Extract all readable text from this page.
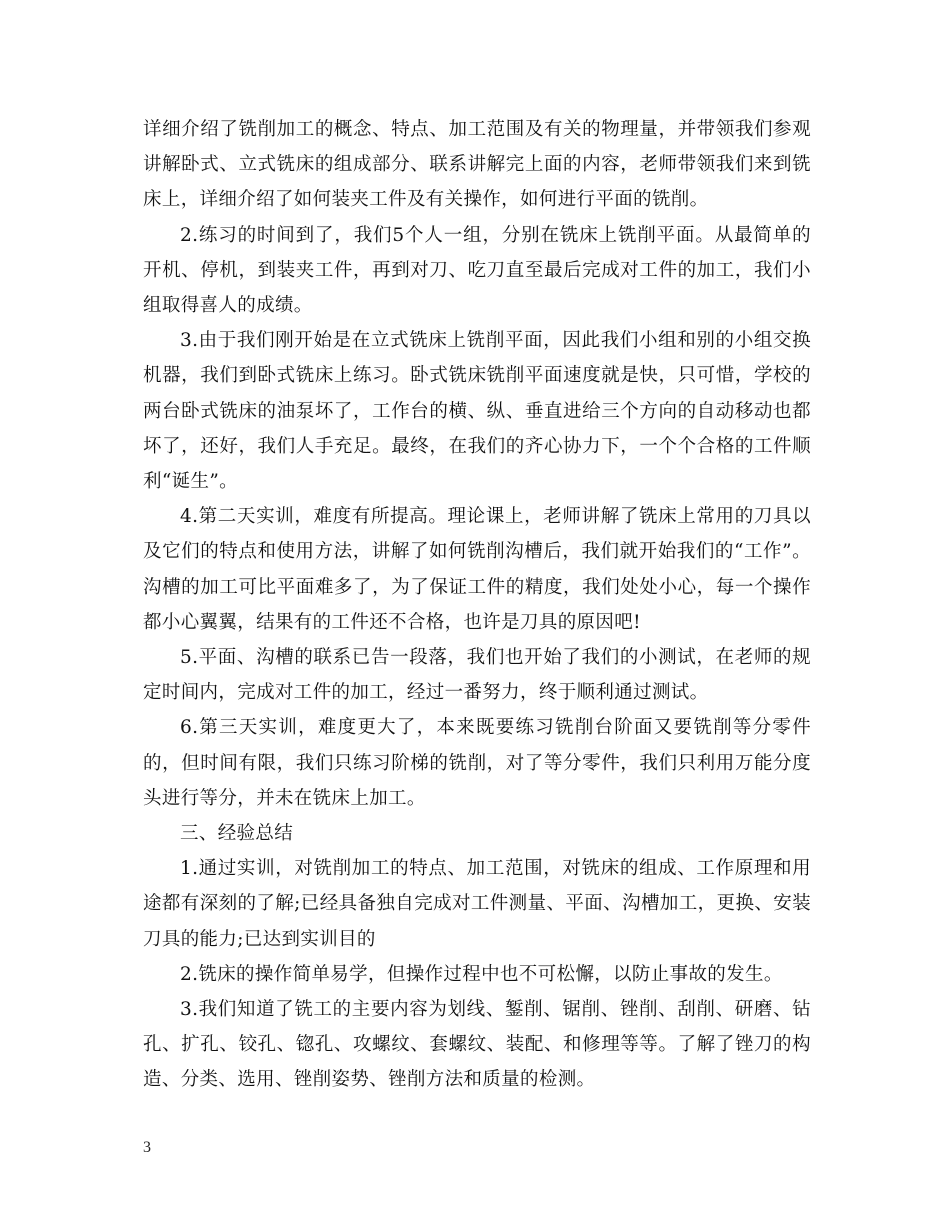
详细介绍了铣削加工的概念、特点、加工范围及有关的物理量，并带领我们参观讲解卧式、立式铣床的组成部分、联系讲解完上面的内容，老师带领我们来到铣床上，详细介绍了如何装夹工件及有关操作，如何进行平面的铣削。

2.练习的时间到了，我们5个人一组，分别在铣床上铣削平面。从最简单的开机、停机，到装夹工件，再到对刀、吃刀直至最后完成对工件的加工，我们小组取得喜人的成绩。

3.由于我们刚开始是在立式铣床上铣削平面，因此我们小组和别的小组交换机器，我们到卧式铣床上练习。卧式铣床铣削平面速度就是快，只可惜，学校的两台卧式铣床的油泵坏了，工作台的横、纵、垂直进给三个方向的自动移动也都坏了，还好，我们人手充足。最终，在我们的齐心协力下，一个个合格的工件顺利“诞生”。

4.第二天实训，难度有所提高。理论课上，老师讲解了铣床上常用的刀具以及它们的特点和使用方法，讲解了如何铣削沟槽后，我们就开始我们的“工作”。沟槽的加工可比平面难多了，为了保证工件的精度，我们处处小心，每一个操作都小心翼翼，结果有的工件还不合格，也许是刀具的原因吧!

5.平面、沟槽的联系已告一段落，我们也开始了我们的小测试，在老师的规定时间内，完成对工件的加工，经过一番努力，终于顺利通过测试。

6.第三天实训，难度更大了，本来既要练习铣削台阶面又要铣削等分零件的，但时间有限，我们只练习阶梯的铣削，对了等分零件，我们只利用万能分度头进行等分，并未在铣床上加工。

三、经验总结

1.通过实训，对铣削加工的特点、加工范围，对铣床的组成、工作原理和用途都有深刻的了解;已经具备独自完成对工件测量、平面、沟槽加工，更换、安装刀具的能力;已达到实训目的

2.铣床的操作简单易学，但操作过程中也不可松懈，以防止事故的发生。

3.我们知道了铣工的主要内容为划线、錾削、锯削、锉削、刮削、研磨、钻孔、扩孔、铰孔、锪孔、攻螺纹、套螺纹、装配、和修理等等。了解了锉刀的构造、分类、选用、锉削姿势、锉削方法和质量的检测。

3
